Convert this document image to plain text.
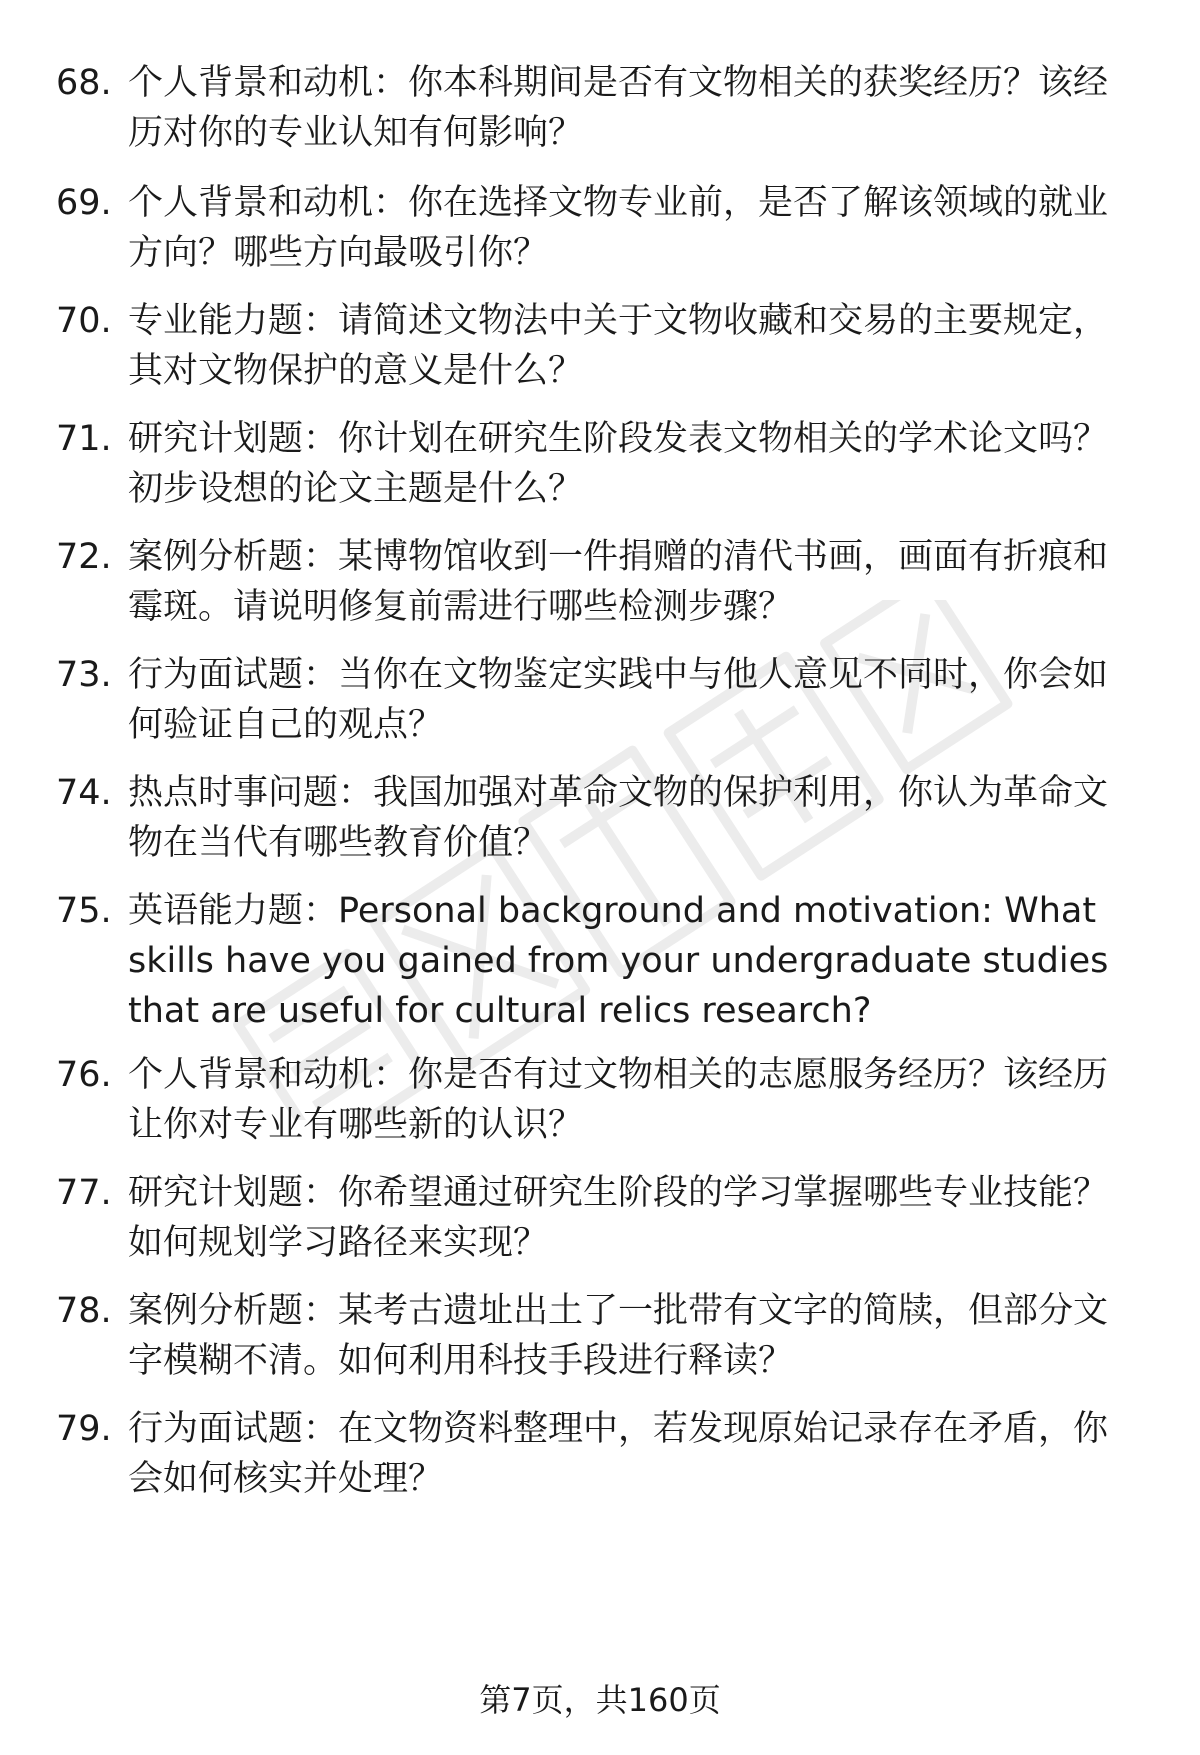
68. 个人背景和动机：你本科期间是否有文物相关的获奖经历？该经
历对你的专业认知有何影响？
69. 个人背景和动机：你在选择文物专业前，是否了解该领域的就业
方向？哪些方向最吸引你？
70. 专业能力题：请简述文物法中关于文物收藏和交易的主要规定，
其对文物保护的意义是什么？
71. 研究计划题：你计划在研究生阶段发表文物相关的学术论文吗？
初步设想的论文主题是什么？
72. 案例分析题：某博物馆收到一件捐赠的清代书画，画面有折痕和
霉斑。请说明修复前需进行哪些检测步骤？
73. 行为面试题：当你在文物鉴定实践中与他人意见不同时，你会如
何验证自己的观点？
74. 热点时事问题：我国加强对革命文物的保护利用，你认为革命文
物在当代有哪些教育价值？
75. 英语能力题：Personal background and motivation: What
skills have you gained from your undergraduate studies
that are useful for cultural relics research?
76. 个人背景和动机：你是否有过文物相关的志愿服务经历？该经历
让你对专业有哪些新的认识？
77. 研究计划题：你希望通过研究生阶段的学习掌握哪些专业技能？
如何规划学习路径来实现？
78. 案例分析题：某考古遗址出土了一批带有文字的简牍，但部分文
字模糊不清。如何利用科技手段进行释读？
79. 行为面试题：在文物资料整理中，若发现原始记录存在矛盾，你
会如何核实并处理？
第7页，共160页
